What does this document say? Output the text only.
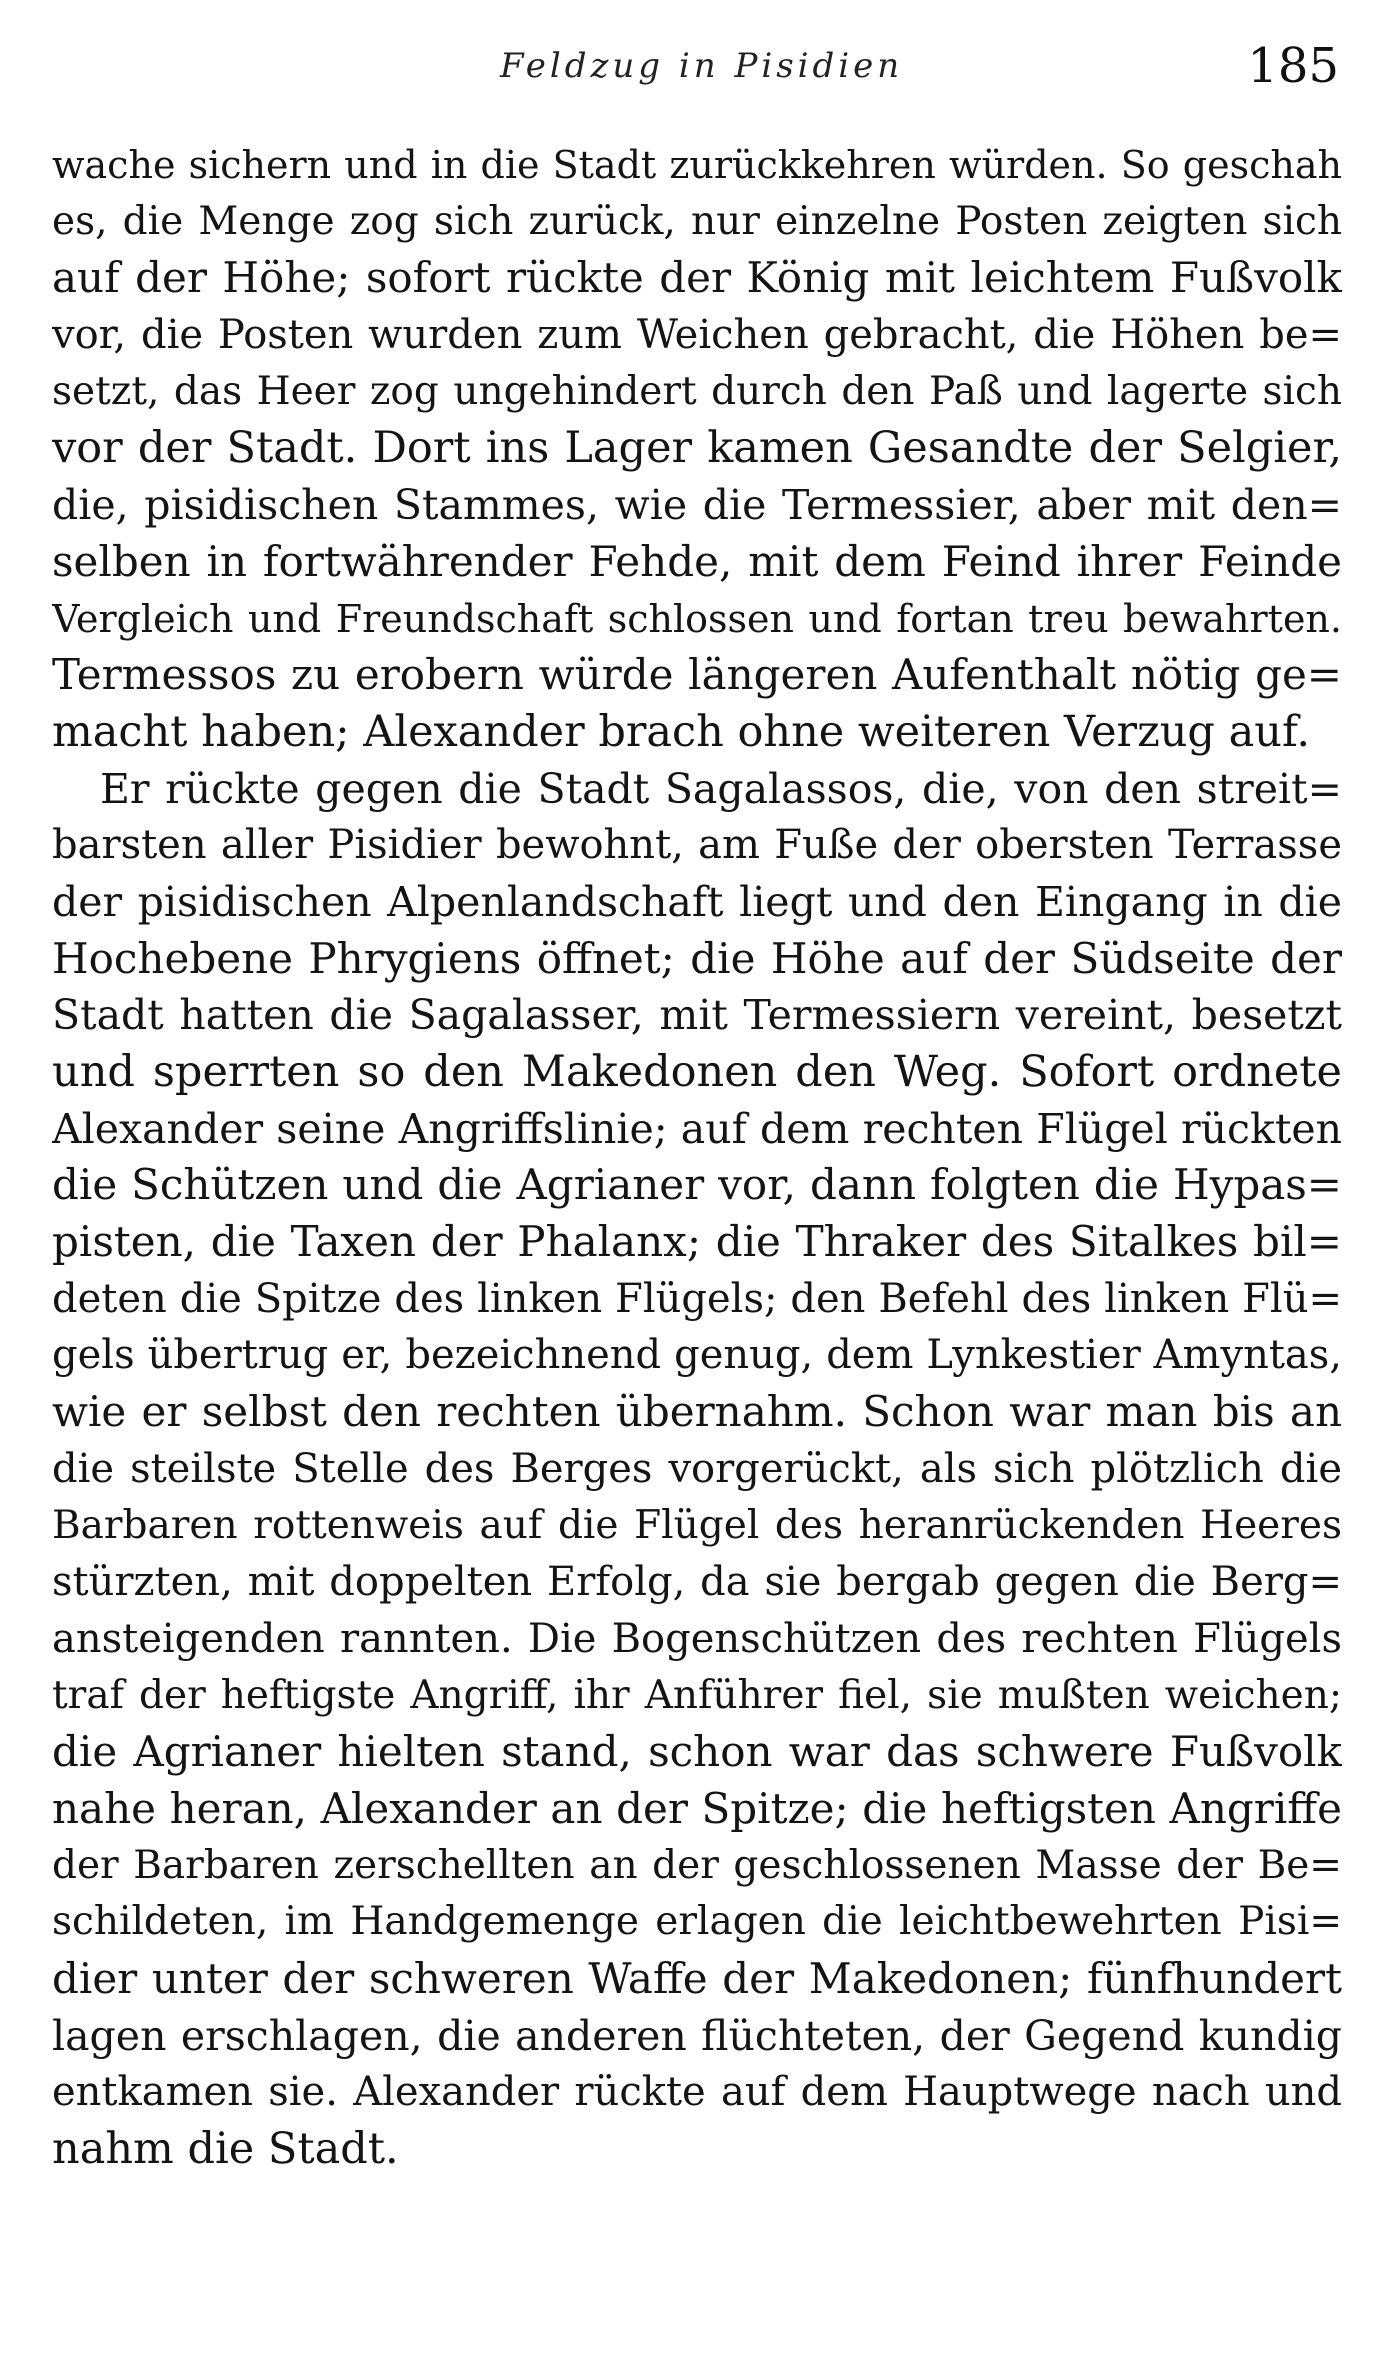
Feldzug in Pisidien	185
wache sichern und in die Stadt zurückkehren würden. So geschah
es, die Menge zog sich zurück, nur einzelne Posten zeigten sich
auf der Höhe; sofort rückte der König mit leichtem Fußvolk
vor, die Posten wurden zum Weichen gebracht, die Höhen be=
setzt, das Heer zog ungehindert durch den Paß und lagerte sich
vor der Stadt. Dort ins Lager kamen Gesandte der Selgier,
die, pisidischen Stammes, wie die Termessier, aber mit den=
selben in fortwährender Fehde, mit dem Feind ihrer Feinde
Vergleich und Freundschaft schlossen und fortan treu bewahrten.
Termessos zu erobern würde längeren Aufenthalt nötig ge=
macht haben; Alexander brach ohne weiteren Verzug auf.
Er rückte gegen die Stadt Sagalassos, die, von den streit=
barsten aller Pisidier bewohnt, am Fuße der obersten Terrasse
der pisidischen Alpenlandschaft liegt und den Eingang in die
Hochebene Phrygiens öffnet; die Höhe auf der Südseite der
Stadt hatten die Sagalasser, mit Termessiern vereint, besetzt
und sperrten so den Makedonen den Weg. Sofort ordnete
Alexander seine Angriffslinie; auf dem rechten Flügel rückten
die Schützen und die Agrianer vor, dann folgten die Hypas=
pisten, die Taxen der Phalanx; die Thraker des Sitalkes bil=
deten die Spitze des linken Flügels; den Befehl des linken Flü=
gels übertrug er, bezeichnend genug, dem Lynkestier Amyntas,
wie er selbst den rechten übernahm. Schon war man bis an
die steilste Stelle des Berges vorgerückt, als sich plötzlich die
Barbaren rottenweis auf die Flügel des heranrückenden Heeres
stürzten, mit doppelten Erfolg, da sie bergab gegen die Berg=
ansteigenden rannten. Die Bogenschützen des rechten Flügels
traf der heftigste Angriff, ihr Anführer fiel, sie mußten weichen;
die Agrianer hielten stand, schon war das schwere Fußvolk
nahe heran, Alexander an der Spitze; die heftigsten Angriffe
der Barbaren zerschellten an der geschlossenen Masse der Be=
schildeten, im Handgemenge erlagen die leichtbewehrten Pisi=
dier unter der schweren Waffe der Makedonen; fünfhundert
lagen erschlagen, die anderen flüchteten, der Gegend kundig
entkamen sie. Alexander rückte auf dem Hauptwege nach und
nahm die Stadt.
